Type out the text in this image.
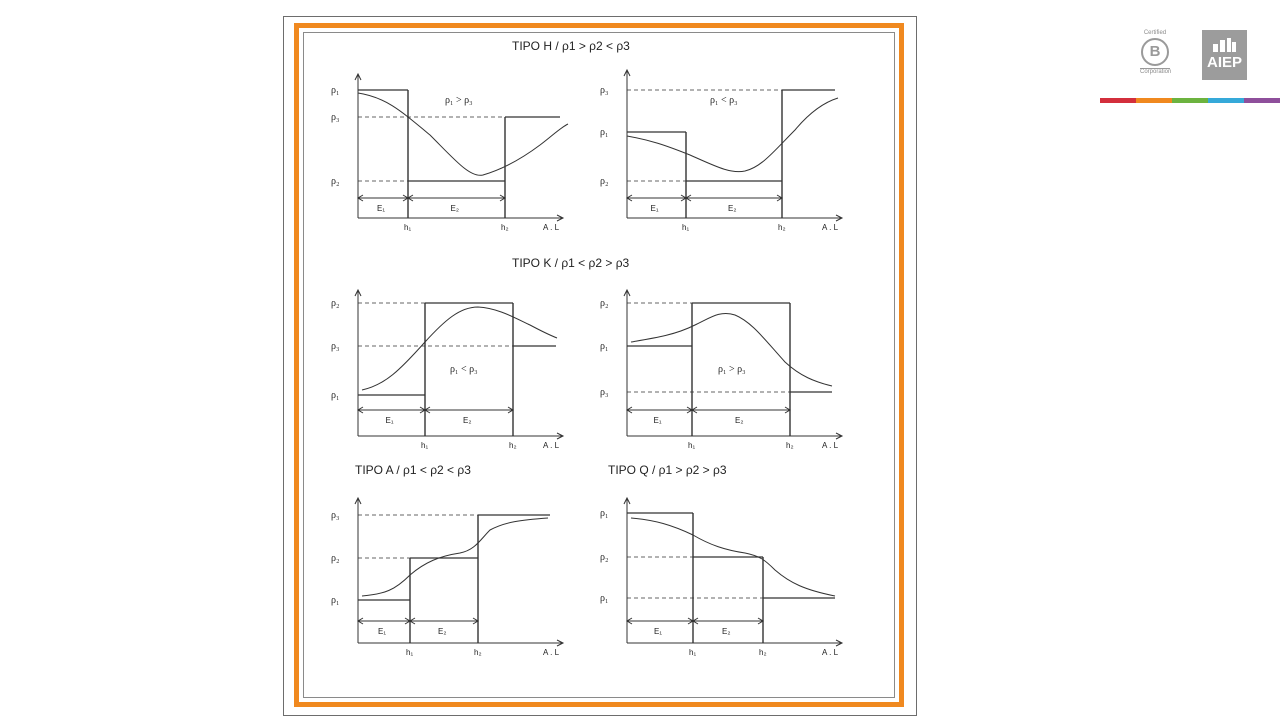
TIPO H / ρ1 > ρ2 < ρ3
TIPO K / ρ1 < ρ2 > ρ3
TIPO A / ρ1 < ρ2 < ρ3	TIPO Q / ρ1 > ρ2 > ρ3
ρ₁
ρ₃
ρ₂
E₁	E₂
h₁	h₂	A . L
ρ₁ > ρ₃
ρ₃
ρ₁
ρ₂
E₁	E₂
h₁	h₂	A . L
ρ₁ < ρ₃
ρ₂
ρ₃
ρ₁
E₁	E₂
h₁	h₂	A . L
ρ₁ < ρ₃
ρ₂
ρ₁
ρ₃
E₁	E₂
h₁	h₂	A . L
ρ₁ > ρ₃
ρ₃
ρ₂
ρ₁
E₁	E₂
h₁	h₂	A . L
ρ₁
ρ₂
ρ₁
E₁	E₂
h₁	h₂	A . L
Certified
B
Corporation
AIEP
